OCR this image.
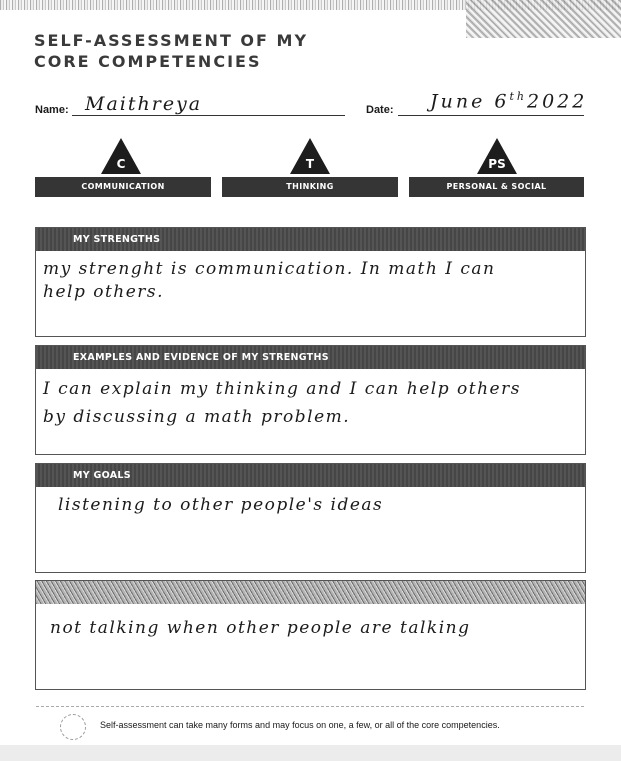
SELF-ASSESSMENT OF MY
CORE COMPETENCIES
Name: Maithreya	Date: June 6th2022
C
COMMUNICATION
T
THINKING
PS
PERSONAL & SOCIAL
MY STRENGTHS
my strenght is communication. In math I can
help others.
EXAMPLES AND EVIDENCE OF MY STRENGTHS
I can explain my thinking and I can help others
by discussing a math problem.
MY GOALS
listening to other people's ideas
not talking when other people are talking
Self-assessment can take many forms and may focus on one, a few, or all of the core competencies.
